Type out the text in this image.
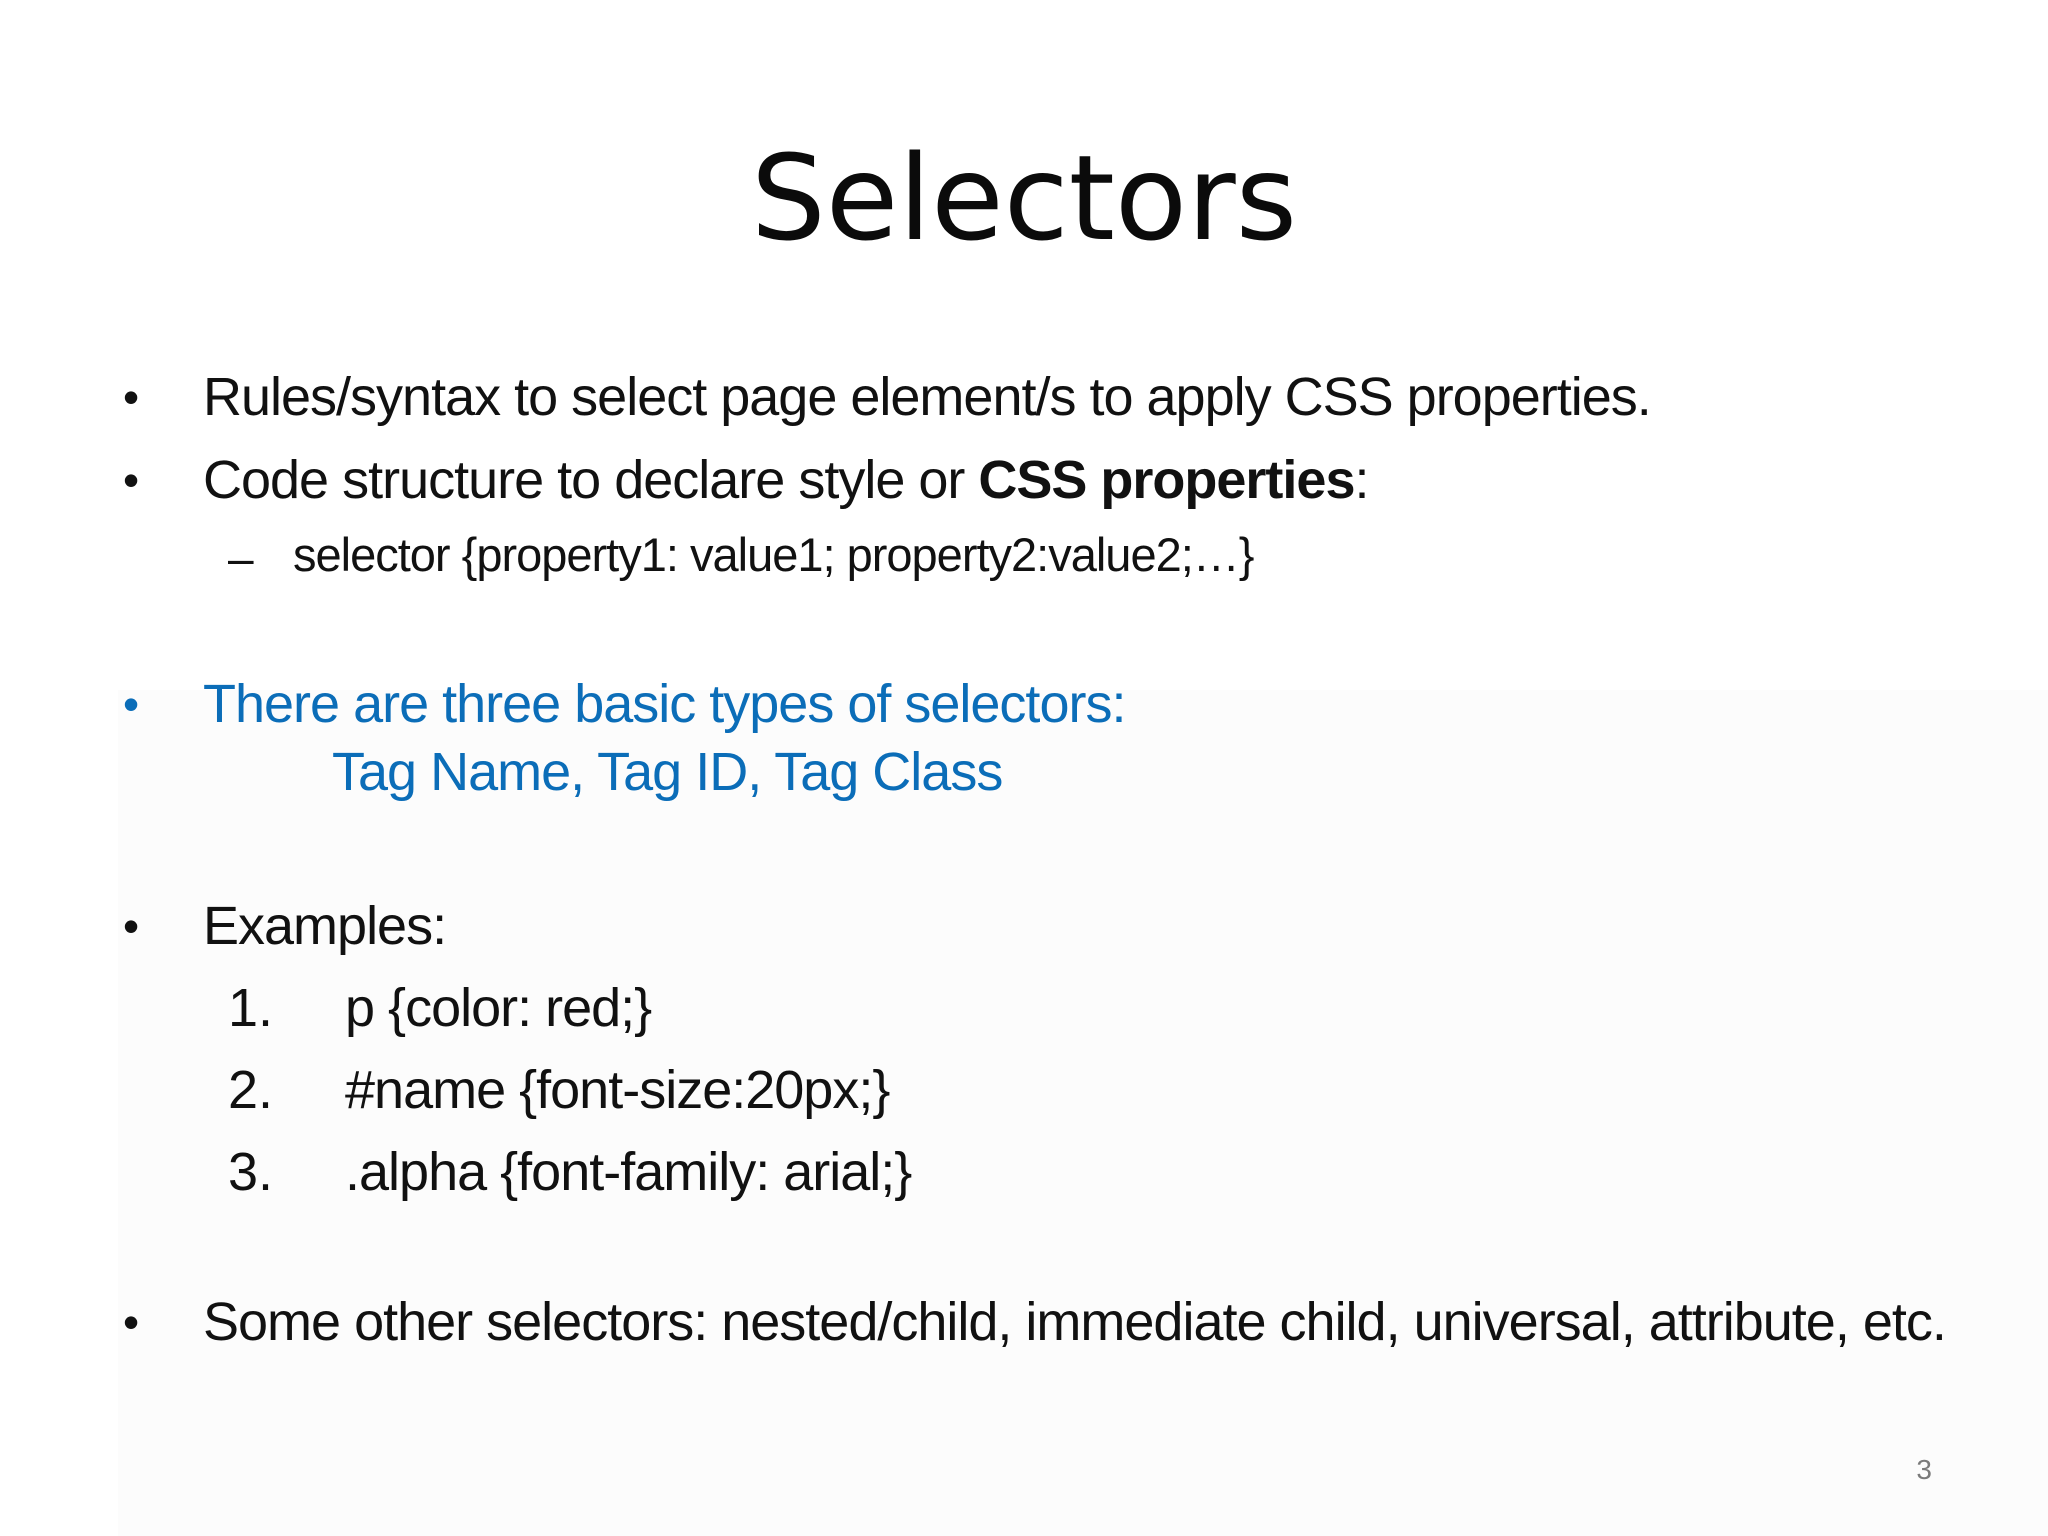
Selectors
•	Rules/syntax to select page element/s to apply CSS properties.
•	Code structure to declare style or CSS properties:
– selector {property1: value1; property2:value2;…}
•	There are three basic types of selectors:
Tag Name, Tag ID, Tag Class
•	Examples:
1. p {color: red;}
2. #name {font-size:20px;}
3. .alpha {font-family: arial;}
•	Some other selectors: nested/child, immediate child, universal, attribute, etc.
3
